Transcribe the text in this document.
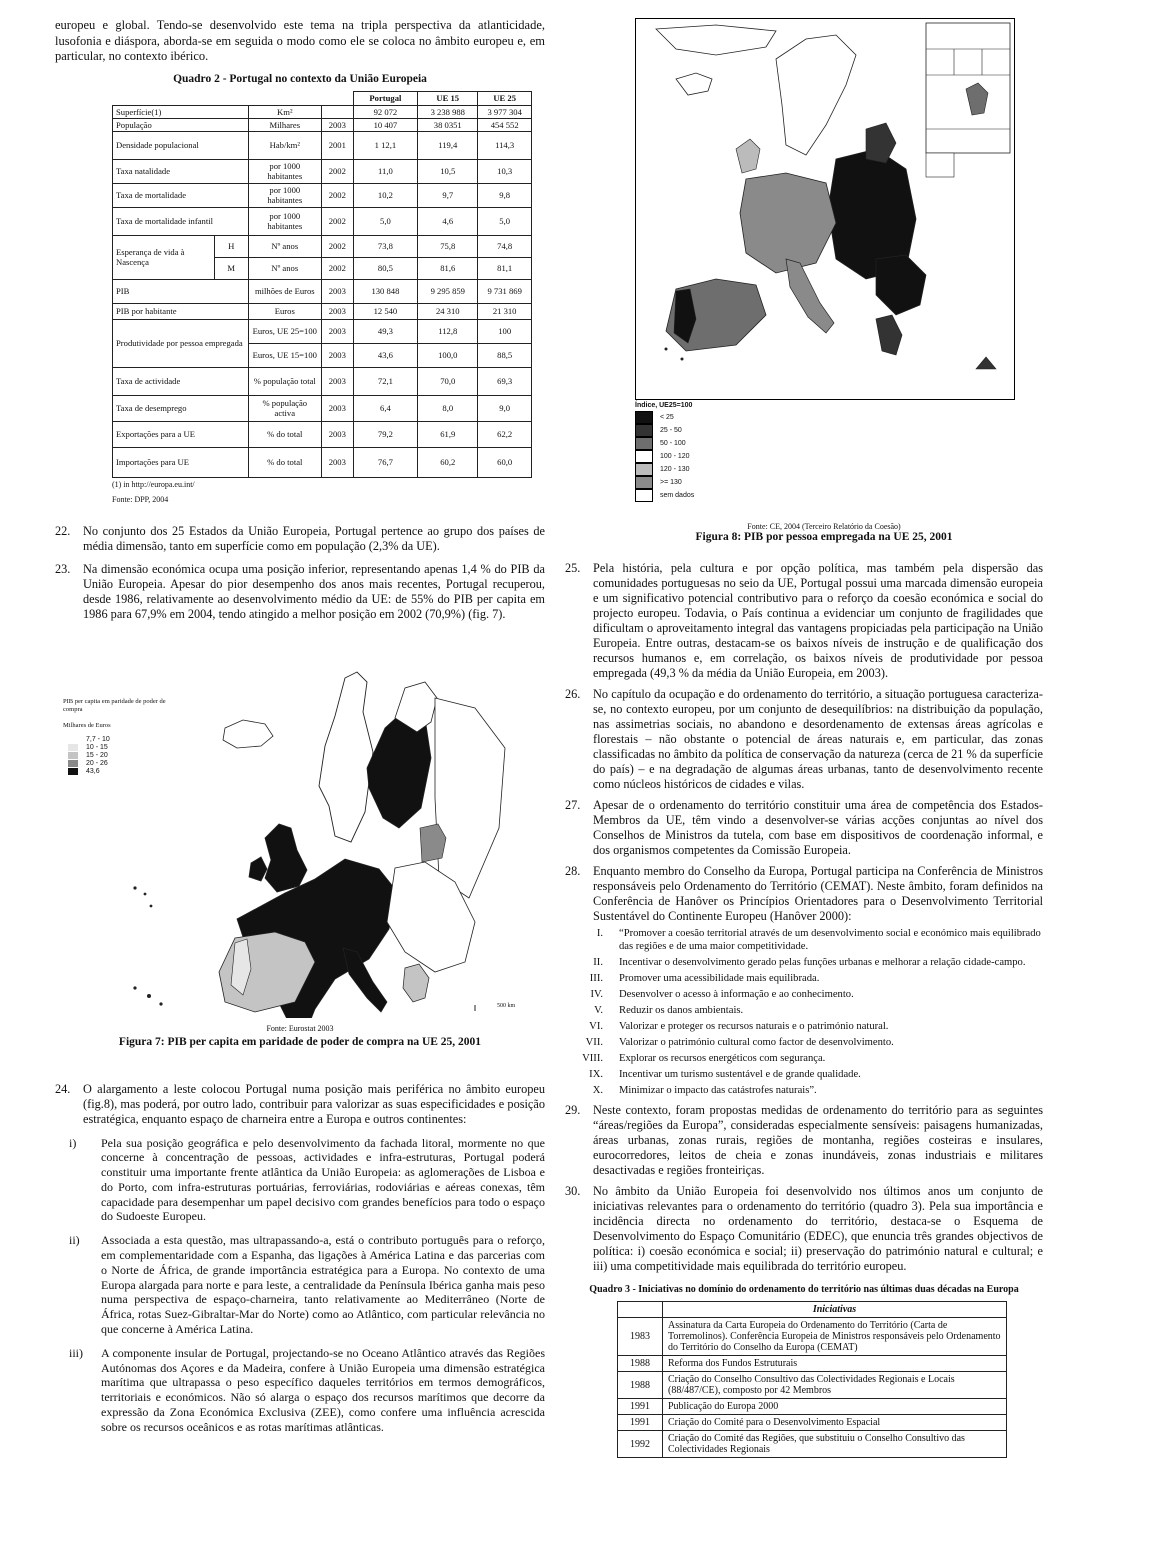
europeu e global. Tendo-se desenvolvido este tema na tripla perspectiva da atlanticidade, lusofonia e diáspora, aborda-se em seguida o modo como ele se coloca no âmbito europeu e, em particular, no contexto ibérico.

Quadro 2 - Portugal no contexto da União Europeia
				Portugal	UE 15	UE 25
Superfície(1)		Km²		92 072	3 238 988	3 977 304
População		Milhares	2003	10 407	38 0351	454 552
Densidade populacional		Hab/km²	2001	1 12,1	119,4	114,3
Taxa natalidade		por 1000 habitantes	2002	11,0	10,5	10,3
Taxa de mortalidade		por 1000 habitantes	2002	10,2	9,7	9,8
Taxa de mortalidade infantil		por 1000 habitantes	2002	5,0	4,6	5,0
Esperança de vida à Nascença	H	Nº anos	2002	73,8	75,8	74,8
	M	Nº anos	2002	80,5	81,6	81,1
PIB		milhões de Euros	2003	130 848	9 295 859	9 731 869
PIB por habitante		Euros	2003	12 540	24 310	21 310
Produtividade por pessoa empregada		Euros, UE 25=100	2003	49,3	112,8	100
		Euros, UE 15=100	2003	43,6	100,0	88,5
Taxa de actividade		% população total	2003	72,1	70,0	69,3
Taxa de desemprego		% população activa	2003	6,4	8,0	9,0
Exportações para a UE		% do total	2003	79,2	61,9	62,2
Importações para UE		% do total	2003	76,7	60,2	60,0
(1) in http://europa.eu.int/
Fonte: DPP, 2004

22. No conjunto dos 25 Estados da União Europeia, Portugal pertence ao grupo dos países de média dimensão, tanto em superfície como em população (2,3% da UE).

23. Na dimensão económica ocupa uma posição inferior, representando apenas 1,4 % do PIB da União Europeia. Apesar do pior desempenho dos anos mais recentes, Portugal recuperou, desde 1986, relativamente ao desenvolvimento médio da UE: de 55% do PIB per capita em 1986 para 67,9% em 2004, tendo atingido a melhor posição em 2002 (70,9%) (fig. 7).

PIB per capita em paridade de poder de compra
Milhares de Euros
7,7 - 10
10 - 15
15 - 20
20 - 26
43,6
500 km
Fonte: Eurostat 2003
Figura 7: PIB per capita em paridade de poder de compra na UE 25, 2001

24. O alargamento a leste colocou Portugal numa posição mais periférica no âmbito europeu (fig.8), mas poderá, por outro lado, contribuir para valorizar as suas especificidades e posição estratégica, enquanto espaço de charneira entre a Europa e outros continentes:

i) Pela sua posição geográfica e pelo desenvolvimento da fachada litoral, mormente no que concerne à concentração de pessoas, actividades e infra-estruturas, Portugal poderá constituir uma importante frente atlântica da União Europeia: as aglomerações de Lisboa e do Porto, com infra-estruturas portuárias, ferroviárias, rodoviárias e aéreas conexas, têm capacidade para desempenhar um papel decisivo com grandes benefícios para todo o espaço do Sudoeste Europeu.

ii) Associada a esta questão, mas ultrapassando-a, está o contributo português para o reforço, em complementaridade com a Espanha, das ligações à América Latina e das parcerias com o Norte de África, de grande importância estratégica para a Europa. No contexto de uma Europa alargada para norte e para leste, a centralidade da Península Ibérica ganha mais peso numa perspectiva de espaço-charneira, tanto relativamente ao Mediterrâneo (Norte de África, rotas Suez-Gibraltar-Mar do Norte) como ao Atlântico, com particular relevância no que concerne à América Latina.

iii) A componente insular de Portugal, projectando-se no Oceano Atlântico através das Regiões Autónomas dos Açores e da Madeira, confere à União Europeia uma dimensão estratégica marítima que ultrapassa o peso específico daqueles territórios em termos demográficos, territoriais e económicos. Não só alarga o espaço dos recursos marítimos que decorre da expressão da Zona Económica Exclusiva (ZEE), como confere uma influência acrescida sobre os recursos oceânicos e as rotas marítimas atlânticas.

Índice, UE25=100
< 25
25 - 50
50 - 100
100 - 120
120 - 130
>= 130
sem dados
Fonte: CE, 2004 (Terceiro Relatório da Coesão)
Figura 8: PIB por pessoa empregada na UE 25, 2001

25. Pela história, pela cultura e por opção política, mas também pela dispersão das comunidades portuguesas no seio da UE, Portugal possui uma marcada dimensão europeia e um significativo potencial contributivo para o reforço da coesão económica e social do projecto europeu. Todavia, o País continua a evidenciar um conjunto de fragilidades que dificultam o aproveitamento integral das vantagens propiciadas pela participação na União Europeia. Entre outras, destacam-se os baixos níveis de instrução e de qualificação dos recursos humanos e, em correlação, os baixos níveis de produtividade por pessoa empregada (49,3 % da média da União Europeia, em 2003).

26. No capítulo da ocupação e do ordenamento do território, a situação portuguesa caracteriza-se, no contexto europeu, por um conjunto de desequilíbrios: na distribuição da população, nas assimetrias sociais, no abandono e desordenamento de extensas áreas agrícolas e florestais – não obstante o potencial de áreas naturais e, em particular, das zonas classificadas no âmbito da política de conservação da natureza (cerca de 21 % da superfície do país) – e na degradação de algumas áreas urbanas, tanto de desenvolvimento recente como núcleos históricos de cidades e vilas.

27. Apesar de o ordenamento do território constituir uma área de competência dos Estados-Membros da UE, têm vindo a desenvolver-se várias acções conjuntas ao nível dos Conselhos de Ministros da tutela, com base em dispositivos de coordenação informal, e dos organismos competentes da Comissão Europeia.

28. Enquanto membro do Conselho da Europa, Portugal participa na Conferência de Ministros responsáveis pelo Ordenamento do Território (CEMAT). Neste âmbito, foram definidos na Conferência de Hanôver os Princípios Orientadores para o Desenvolvimento Territorial Sustentável do Continente Europeu (Hanôver 2000):

I. “Promover a coesão territorial através de um desenvolvimento social e económico mais equilibrado das regiões e de uma maior competitividade.

II. Incentivar o desenvolvimento gerado pelas funções urbanas e melhorar a relação cidade-campo.

III. Promover uma acessibilidade mais equilibrada.

IV. Desenvolver o acesso à informação e ao conhecimento.

V. Reduzir os danos ambientais.

VI. Valorizar e proteger os recursos naturais e o património natural.

VII. Valorizar o património cultural como factor de desenvolvimento.

VIII. Explorar os recursos energéticos com segurança.

IX. Incentivar um turismo sustentável e de grande qualidade.

X. Minimizar o impacto das catástrofes naturais”.

29. Neste contexto, foram propostas medidas de ordenamento do território para as seguintes “áreas/regiões da Europa”, consideradas especialmente sensíveis: paisagens humanizadas, áreas urbanas, zonas rurais, regiões de montanha, regiões costeiras e insulares, eurocorredores, leitos de cheia e zonas inundáveis, zonas industriais e militares desactivadas e regiões fronteiriças.

30. No âmbito da União Europeia foi desenvolvido nos últimos anos um conjunto de iniciativas relevantes para o ordenamento do território (quadro 3). Pela sua importância e incidência directa no ordenamento do território, destaca-se o Esquema de Desenvolvimento do Espaço Comunitário (EDEC), que enuncia três grandes objectivos de política: i) coesão económica e social; ii) preservação do património natural e cultural; e iii) uma competitividade mais equilibrada do território europeu.

Quadro 3 - Iniciativas no domínio do ordenamento do território nas últimas duas décadas na Europa
	Iniciativas
1983	Assinatura da Carta Europeia do Ordenamento do Território (Carta de Torremolinos). Conferência Europeia de Ministros responsáveis pelo Ordenamento do Território do Conselho da Europa (CEMAT)
1988	Reforma dos Fundos Estruturais
1988	Criação do Conselho Consultivo das Colectividades Regionais e Locais (88/487/CE), composto por 42 Membros
1991	Publicação do Europa 2000
1991	Criação do Comité para o Desenvolvimento Espacial
1992	Criação do Comité das Regiões, que substituiu o Conselho Consultivo das Colectividades Regionais
